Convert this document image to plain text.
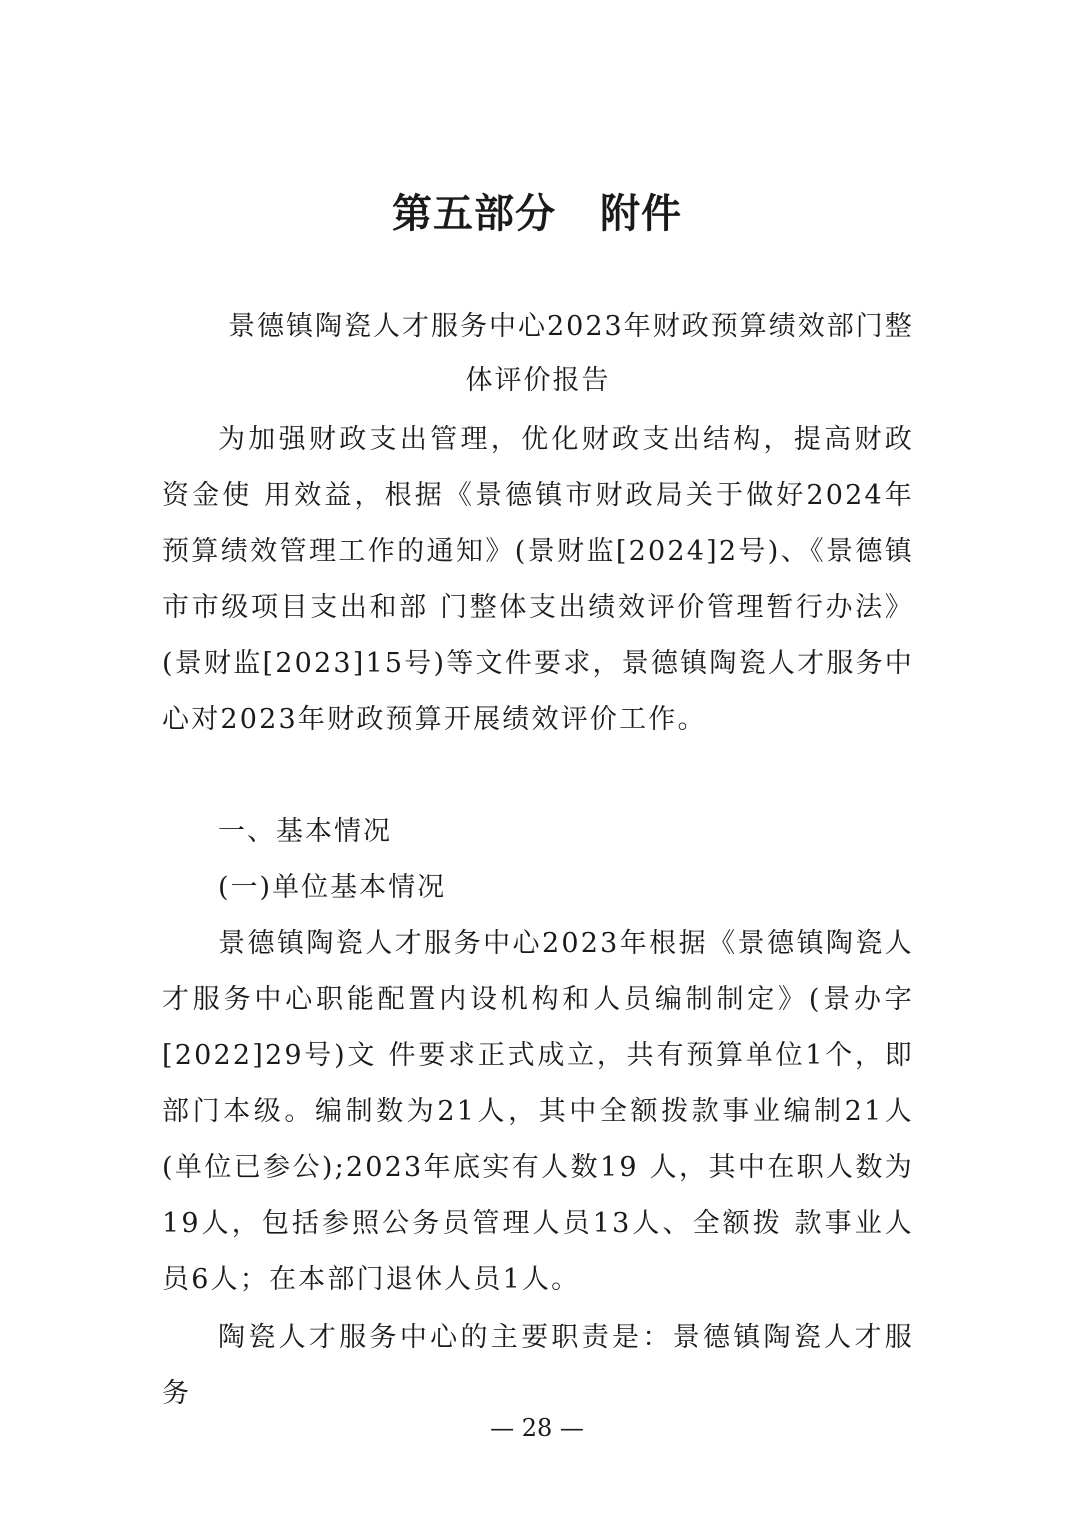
第五部分 附件
景德镇陶瓷人才服务中心2023年财政预算绩效部门整
体评价报告

为加强财政支出管理，优化财政支出结构，提高财政资金使 用效益，根据《景德镇市财政局关于做好2024年预算绩效管理工作的通知》(景财监[2024]2号)、《景德镇市市级项目支出和部 门整体支出绩效评价管理暂行办法》(景财监[2023]15号)等文件要求，景德镇陶瓷人才服务中心对2023年财政预算开展绩效评价工作。

一、基本情况

(一)单位基本情况

景德镇陶瓷人才服务中心2023年根据《景德镇陶瓷人才服务中心职能配置内设机构和人员编制制定》(景办字[2022]29号)文 件要求正式成立，共有预算单位1个，即部门本级。编制数为21人，其中全额拨款事业编制21人(单位已参公);2023年底实有人数19 人，其中在职人数为19人，包括参照公务员管理人员13人、全额拨 款事业人员6人；在本部门退休人员1人。

陶瓷人才服务中心的主要职责是：景德镇陶瓷人才服务

— 28 —
